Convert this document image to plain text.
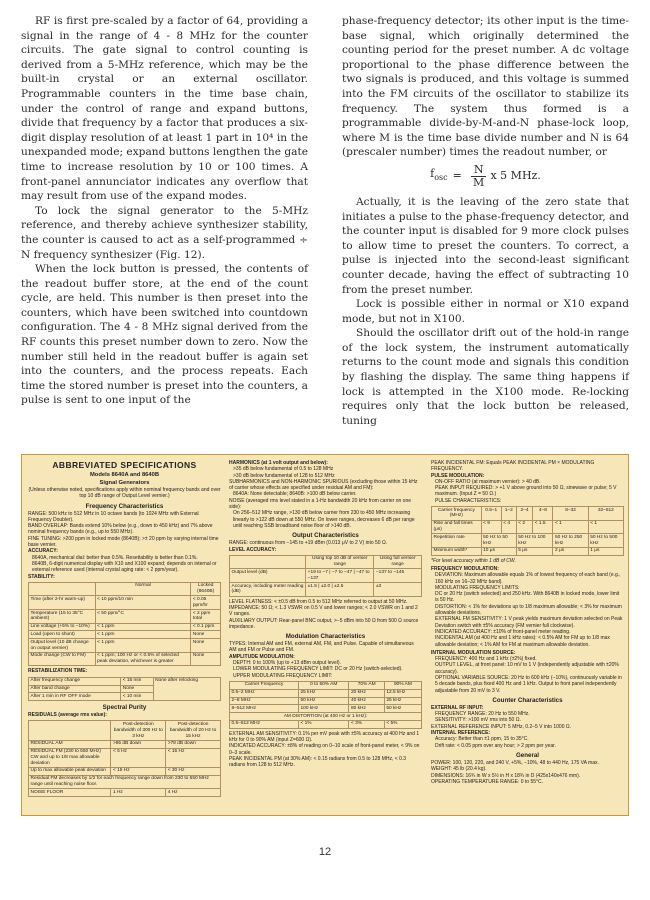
RF is first pre-scaled by a factor of 64, providing a signal in the range of 4 - 8 MHz for the counter circuits. The gate signal to control counting is derived from a 5-MHz reference, which may be the built-in crystal or an external oscillator. Programmable counters in the time base chain, under the control of range and expand buttons, divide that frequency by a factor that produces a six-digit display resolution of at least 1 part in 10⁴ in the unexpanded mode; expand buttons lengthen the gate time to increase resolution by 10 or 100 times. A front-panel annunciator indicates any overflow that may result from use of the expand modes.

To lock the signal generator to the 5-MHz reference, and thereby achieve synthesizer stability, the counter is caused to act as a self-programmed ÷ N frequency synthesizer (Fig. 12).

When the lock button is pressed, the contents of the readout buffer store, at the end of the count cycle, are held. This number is then preset into the counters, which have been switched into countdown configuration. The 4 - 8 MHz signal derived from the RF counts this preset number down to zero. Now the number still held in the readout buffer is again set into the counters, and the process repeats. Each time the stored number is preset into the counters, a pulse is sent to one input of the

phase-frequency detector; its other input is the time-base signal, which originally determined the counting period for the preset number. A dc voltage proportional to the phase difference between the two signals is produced, and this voltage is summed into the FM circuits of the oscillator to stabilize its frequency. The system thus formed is a programmable divide-by-M-and-N phase-lock loop, where M is the time base divide number and N is 64 (prescaler number) times the readout number, or

$f_{osc} = \frac{N}{M}$ x 5 MHz.

Actually, it is the leaving of the zero state that initiates a pulse to the phase-frequency detector, and the counter input is disabled for 9 more clock pulses to allow time to preset the counters. To correct, a pulse is injected into the second-least significant counter decade, having the effect of subtracting 10 from the preset number.

Lock is possible either in normal or X10 expand mode, but not in X100.

Should the oscillator drift out of the hold-in range of the lock system, the instrument automatically returns to the count mode and signals this condition by flashing the display. The same thing happens if lock is attempted in the X100 mode. Re-locking requires only that the lock button be released, tuning

ABBREVIATED SPECIFICATIONS
Models 8640A and 8640B
Signal Generators

(Unless otherwise noted, specifications apply within nominal frequency bands and over top 10 dB range of Output Level vernier.)

Frequency Characteristics

RANGE: 500 kHz to 512 MHz in 10 octave bands (to 1024 MHz with External Frequency Doubler).

BAND OVERLAP: Bands extend 10% below (e.g., down to 450 kHz) and 7% above nominal frequency bands (e.g., up to 550 MHz).

FINE TUNING: >200 ppm in locked mode (8640B); >± 20 ppm by varying internal time base vernier.

ACCURACY:

8640A, mechanical dial: better than 0.5%. Resettability is better than 0.1%.

8640B, 6-digit numerical display with X10 and X100 expand; depends on internal or external reference used (internal crystal aging rate: < 2 ppm/year).

STABILITY:

	Normal	Locked (8640B)
Time (after 2-hr warm-up)	< 10 ppm/10 min	< 0.05 ppm/hr
Temperature (15 to 35°C ambient)	< 50 ppm/°C	< 2 ppm total
Line voltage (+5% to −10%)	< 1 ppm	< 0.1 ppm
Load (open to shunt)	< 1 ppm	None
Output level (10 dB change on output vernier)	< 1 ppm	None
Mode change (CW to FM)	< 1 ppm; 100 Hz or < 0.5% of selected peak deviation, whichever is greater	None

RESTABILIZATION TIME:

After frequency change	< 15 min	None after relocking
After band change	None	
After 1 min in RF OFF mode	< 10 min	
Spectral Purity

RESIDUALS (average rms value):

	Post-detection bandwidth of 300 Hz to 3 kHz	Post-detection bandwidth of 20 Hz to 15 kHz
RESIDUAL AM	>85 dB down	>78 dB down
RESIDUAL FM (230 to 550 MHz) CW and up to 1/8 max allowable deviation	< 5 Hz	< 15 Hz
Up to max allowable peak deviation	< 15 Hz	< 30 Hz
Residual FM decreases by 1/2 for each frequency range down from 230 to 550 MHz range until reaching noise floor.		
NOISE FLOOR	1 Hz	4 Hz

HARMONICS (at 1 volt output and below):

>35 dB below fundamental of 0.5 to 128 MHz

>30 dB below fundamental of 128 to 512 MHz

SUBHARMONICS and NON-HARMONIC SPURIOUS (excluding those within 15 kHz of carrier whose effects are specified under residual AM and FM):

8640A: None detectable; 8640B: >100 dB below carrier.

NOISE (averaged rms level stated in a 1-Hz bandwidth 20 kHz from carrier on one side):

On 256–512 MHz range, >130 dB below carrier from 230 to 450 MHz increasing linearly to >122 dB down at 550 MHz. On lower ranges, decreases 6 dB per range until reaching SSB broadband noise floor of >140 dB.

Output Characteristics

RANGE: continuous from −145 to +19 dBm (0.013 μV to 2 V) into 50 Ω.

LEVEL ACCURACY:

	Using top 10 dB of vernier range	Using full vernier range
Output level (dB)	+19 to −7 | −7 to −47 | −47 to −137	−137 to −145
Accuracy, including meter reading (dB)	±1.5 | ±2.0 | ±2.5	±3

LEVEL FLATNESS: < ±0.5 dB from 0.5 to 512 MHz referred to output at 50 MHz.

IMPEDANCE: 50 Ω; < 1.3 VSWR on 0.5 V and lower ranges; < 2.0 VSWR on 1 and 2 V ranges.

AUXILIARY OUTPUT: Rear-panel BNC output, >−5 dBm into 50 Ω from 500 Ω source impedance.

Modulation Characteristics

TYPES: Internal AM and FM, external AM, FM, and Pulse. Capable of simultaneous AM and FM or Pulse and FM.

AMPLITUDE MODULATION:

DEPTH: 0 to 100% (up to +13 dBm output level).

LOWER MODULATING FREQUENCY LIMIT: DC or 20 Hz (switch-selected).

UPPER MODULATING FREQUENCY LIMIT:

Carrier Frequency	0 to 50% AM	70% AM	90% AM
0.5–2 MHz	25 kHz	20 kHz	12.5 kHz
2–8 MHz	50 kHz	40 kHz	25 kHz
8–512 MHz	100 kHz	80 kHz	50 kHz
AM DISTORTION (at 400 Hz or 1 kHz):			
0.5–512 MHz	< 1%	< 3%	< 5%

EXTERNAL AM SENSITIVITY: 0.1% per mV peak with ±5% accuracy at 400 Hz and 1 kHz for 0 to 90% AM (input Z=600 Ω).

INDICATED ACCURACY: ±8% of reading on 0–10 scale of front-panel meter, < 9% on 0–3 scale.

PEAK INCIDENTAL PM (at 30% AM): < 0.15 radians from 0.5 to 128 MHz, < 0.3 radians from 128 to 512 MHz.

PEAK INCIDENTAL FM: Equals PEAK INCIDENTAL PM × MODULATING FREQUENCY.

PULSE MODULATION:

ON-OFF RATIO (at maximum vernier): > 40 dB.

PEAK INPUT REQUIRED: > +1 V above ground into 50 Ω, sinewave or pulse; 5 V maximum. (Input Z = 50 Ω.)

PULSE CHARACTERISTICS:

Carrier frequency (MHz)	0.5–1	1–2	2–4	4–8	8–32	32–512
Rise and fall times (μs)	< 9	< 4	< 2	< 1.5	< 1	< 1
Repetition rate	50 Hz to 50 kHz		50 Hz to 100 kHz		50 Hz to 250 kHz	50 Hz to 500 kHz
Minimum width*	10 μs		5 μs		2 μs	1 μs

*For level accuracy within 1 dB of CW.

FREQUENCY MODULATION:

DEVIATION: Maximum allowable equals 1% of lowest frequency of each band (e.g., 160 kHz on 16–32 MHz band).

MODULATING FREQUENCY LIMITS:

DC or 20 Hz (switch selected) and 250 kHz. With 8640B in locked mode, lower limit is 50 Hz.

DISTORTION: < 1% for deviations up to 1/8 maximum allowable; < 3% for maximum allowable deviations.

EXTERNAL FM SENSITIVITY: 1 V peak yields maximum deviation selected on Peak Deviation switch with ±5% accuracy (FM vernier full clockwise).

INDICATED ACCURACY: ±10% of front-panel meter reading.

INCIDENTAL AM (at 400 Hz and 1 kHz rates): < 0.5% AM for FM up to 1/8 max allowable deviation; < 1% AM for FM at maximum allowable deviation.

INTERNAL MODULATION SOURCE:

FREQUENCY: 400 Hz and 1 kHz (±2%) fixed.

OUTPUT LEVEL, at front panel: 10 mV to 1 V (independently adjustable with ±20% accuracy).

OPTIONAL VARIABLE SOURCE: 20 Hz to 600 kHz (−10%), continuously variable in 5 decade bands, plus fixed 400 Hz and 1 kHz. Output to front panel independently adjustable from 20 mV to 3 V.

Counter Characteristics

EXTERNAL RF INPUT:

FREQUENCY RANGE: 20 Hz to 550 MHz.

SENSITIVITY: >100 mV rms into 50 Ω.

EXTERNAL REFERENCE INPUT: 5 MHz, 0.2–5 V into 1000 Ω.

INTERNAL REFERENCE:

Accuracy: Better than ±1 ppm, 15 to 35°C.

Drift rate: < 0.05 ppm over any hour; > 2 ppm per year.

General

POWER: 100, 120, 220, and 240 V, +5%, −10%, 48 to 440 Hz, 175 VA max.

WEIGHT: 45 lb (20.4 kg).

DIMENSIONS: 16¾ in W x 5½ in H x 18¾ in D (425x140x476 mm).

OPERATING TEMPERATURE RANGE: 0 to 55°C.

12
